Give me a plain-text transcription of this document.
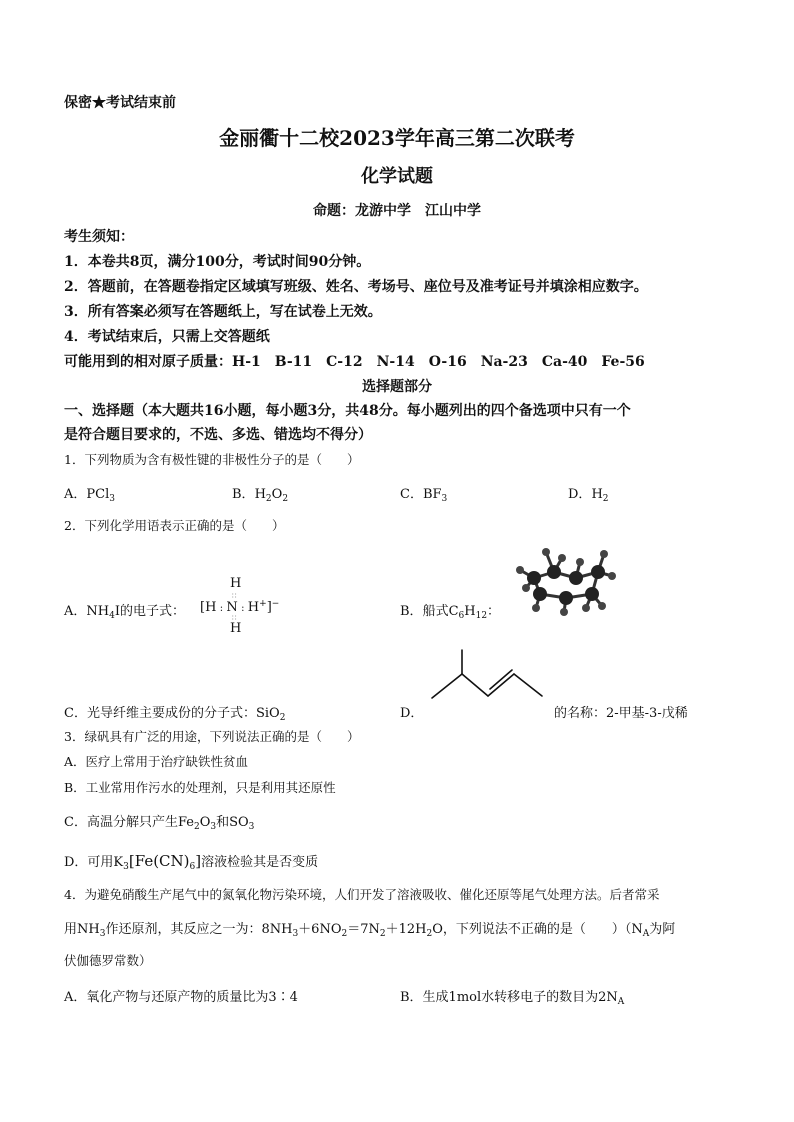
保密★考试结束前
金丽衢十二校2023学年高三第二次联考
化学试题
命题：龙游中学　江山中学
考生须知：
1．本卷共8页，满分100分，考试时间90分钟。
2．答题前，在答题卷指定区域填写班级、姓名、考场号、座位号及准考证号并填涂相应数字。
3．所有答案必须写在答题纸上，写在试卷上无效。
4．考试结束后，只需上交答题纸
可能用到的相对原子质量：H-1　B-11　C-12　N-14　O-16　Na-23　Ca-40　Fe-56
选择题部分
一、选择题（本大题共16小题，每小题3分，共48分。每小题列出的四个备选项中只有一个
是符合题目要求的，不选、多选、错选均不得分）
1．下列物质为含有极性键的非极性分子的是（　　）
A．PCl$_3$	B．$H_2O_2$	C．$BF_3$	D．$H_2$
2．下列化学用语表示正确的是（　　）
A．$NH_4I$的电子式： [H : N : H+]−
H
∷
∷
H
B．船式$C_6H_{12}$：
C．光导纤维主要成份的分子式：SiO$_2$	D．	的名称：2-甲基-3-戊稀
3．绿矾具有广泛的用途，下列说法正确的是（　　）
A．医疗上常用于治疗缺铁性贫血
B．工业常用作污水的处理剂，只是利用其还原性
C．高温分解只产生$Fe_2O_3$和$SO_3$
D．可用$K_3[Fe(CN)_6]$溶液检验其是否变质
4．为避免硝酸生产尾气中的氮氧化物污染环境，人们开发了溶液吸收、催化还原等尾气处理方法。后者常采
用$NH_3$作还原剂，其反应之一为：$8NH_3+6NO_2=7N_2+12H_2O$，下列说法不正确的是（　　）（$N_A$为阿
伏伽德罗常数）
A．氧化产物与还原产物的质量比为3∶4	B．生成1mol水转移电子的数目为$2N_A$
